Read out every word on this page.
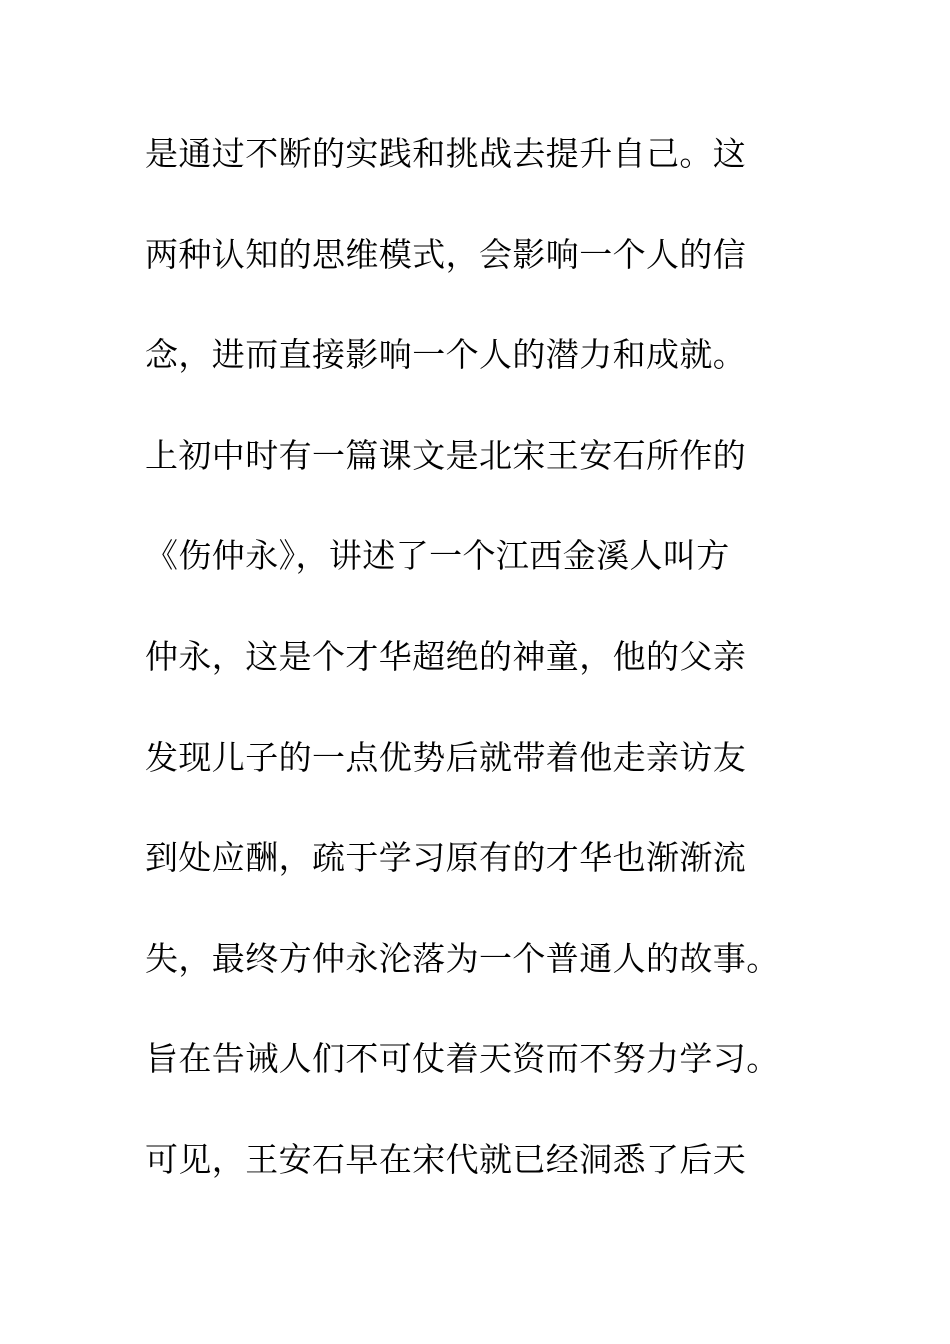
是通过不断的实践和挑战去提升自己。这
两种认知的思维模式，会影响一个人的信
念，进而直接影响一个人的潜力和成就。
上初中时有一篇课文是北宋王安石所作的
《伤仲永》，讲述了一个江西金溪人叫方
仲永，这是个才华超绝的神童，他的父亲
发现儿子的一点优势后就带着他走亲访友
到处应酬，疏于学习原有的才华也渐渐流
失，最终方仲永沦落为一个普通人的故事。
旨在告诫人们不可仗着天资而不努力学习。
可见，王安石早在宋代就已经洞悉了后天
